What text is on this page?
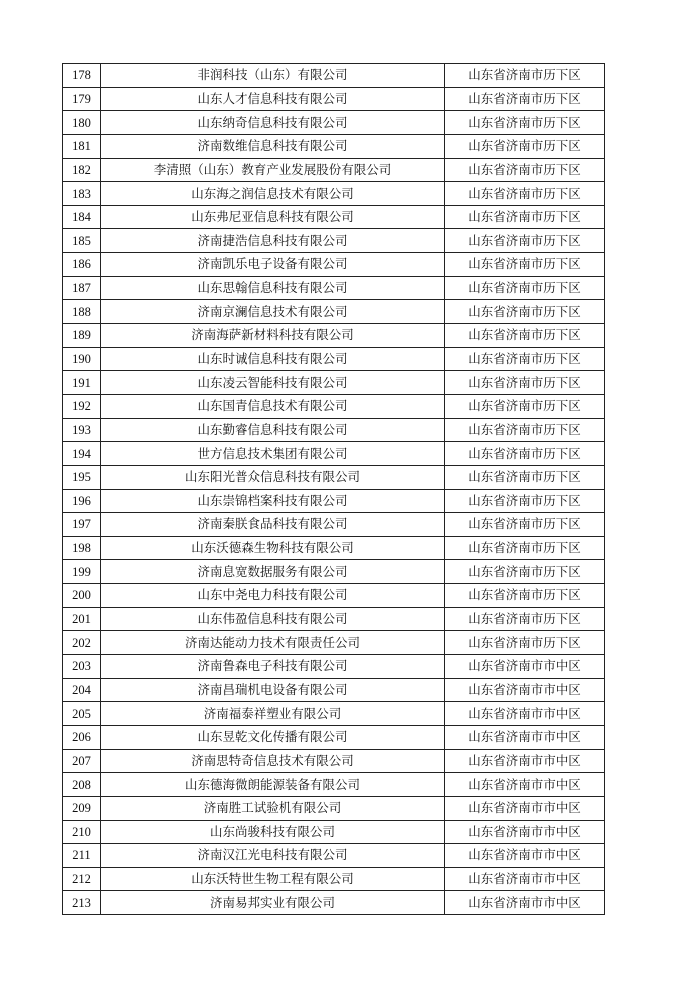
178	非润科技（山东）有限公司	山东省济南市历下区
179	山东人才信息科技有限公司	山东省济南市历下区
180	山东纳奇信息科技有限公司	山东省济南市历下区
181	济南数维信息科技有限公司	山东省济南市历下区
182	李清照（山东）教育产业发展股份有限公司	山东省济南市历下区
183	山东海之润信息技术有限公司	山东省济南市历下区
184	山东弗尼亚信息科技有限公司	山东省济南市历下区
185	济南捷浩信息科技有限公司	山东省济南市历下区
186	济南凯乐电子设备有限公司	山东省济南市历下区
187	山东思翰信息科技有限公司	山东省济南市历下区
188	济南京澜信息技术有限公司	山东省济南市历下区
189	济南海萨新材料科技有限公司	山东省济南市历下区
190	山东时诚信息科技有限公司	山东省济南市历下区
191	山东凌云智能科技有限公司	山东省济南市历下区
192	山东国青信息技术有限公司	山东省济南市历下区
193	山东勤睿信息科技有限公司	山东省济南市历下区
194	世方信息技术集团有限公司	山东省济南市历下区
195	山东阳光普众信息科技有限公司	山东省济南市历下区
196	山东崇锦档案科技有限公司	山东省济南市历下区
197	济南秦朕食品科技有限公司	山东省济南市历下区
198	山东沃德森生物科技有限公司	山东省济南市历下区
199	济南息宽数据服务有限公司	山东省济南市历下区
200	山东中尧电力科技有限公司	山东省济南市历下区
201	山东伟盈信息科技有限公司	山东省济南市历下区
202	济南达能动力技术有限责任公司	山东省济南市历下区
203	济南鲁森电子科技有限公司	山东省济南市市中区
204	济南昌瑞机电设备有限公司	山东省济南市市中区
205	济南福泰祥塑业有限公司	山东省济南市市中区
206	山东昱乾文化传播有限公司	山东省济南市市中区
207	济南思特奇信息技术有限公司	山东省济南市市中区
208	山东德海微朗能源装备有限公司	山东省济南市市中区
209	济南胜工试验机有限公司	山东省济南市市中区
210	山东尚骏科技有限公司	山东省济南市市中区
211	济南汉江光电科技有限公司	山东省济南市市中区
212	山东沃特世生物工程有限公司	山东省济南市市中区
213	济南易邦实业有限公司	山东省济南市市中区
